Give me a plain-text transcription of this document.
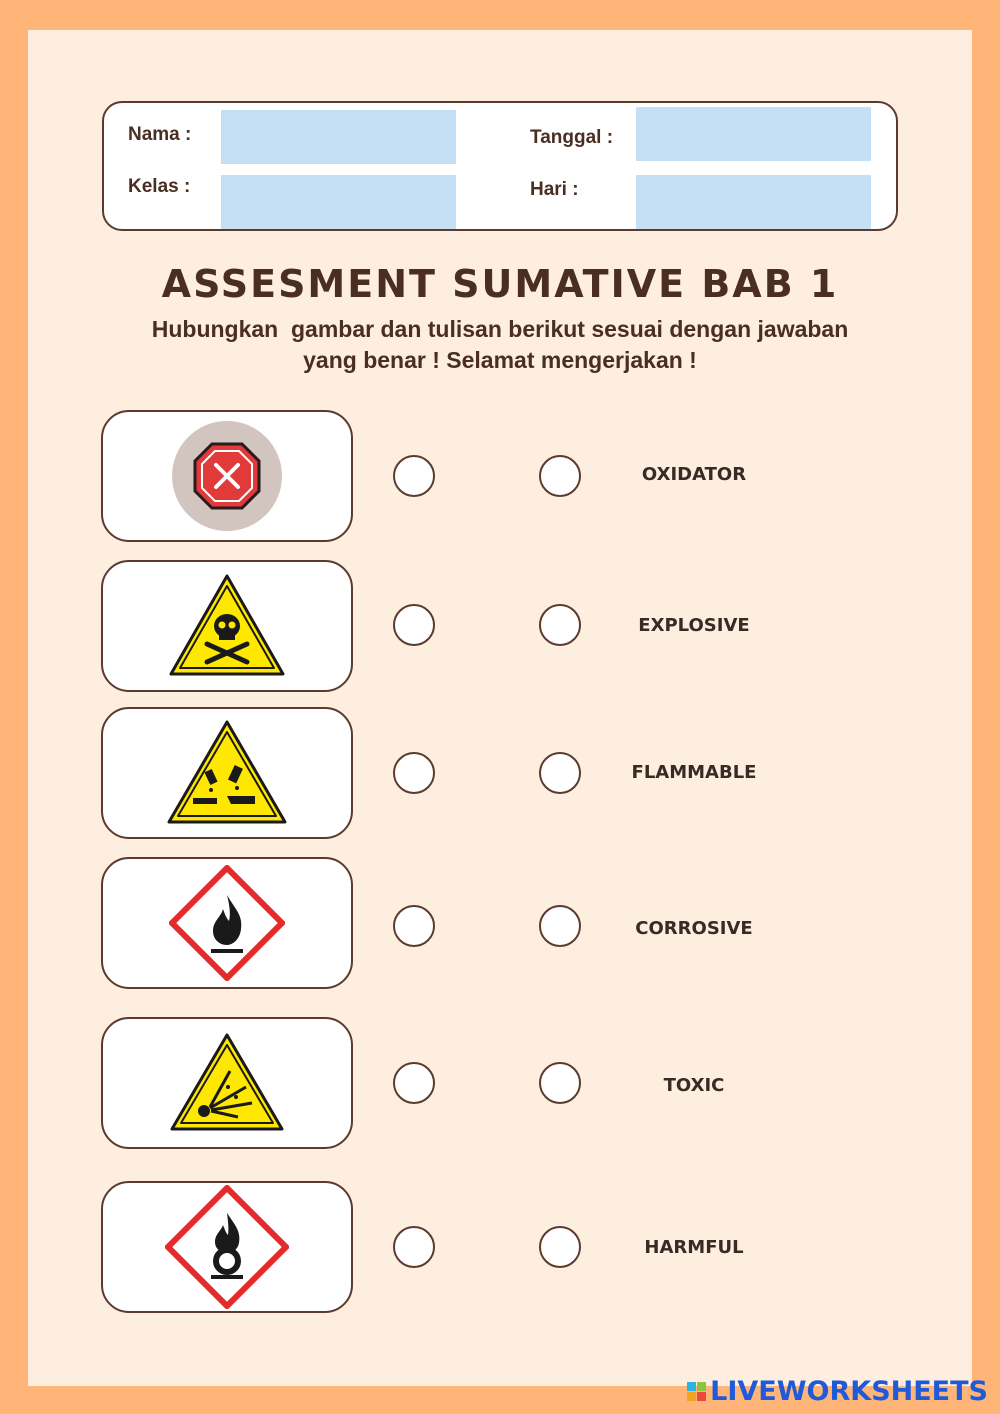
Nama :
Kelas :
Tanggal :
Hari :
ASSESMENT SUMATIVE BAB 1
Hubungkan  gambar dan tulisan berikut sesuai dengan jawaban
yang benar ! Selamat mengerjakan !
OXIDATOR
EXPLOSIVE
FLAMMABLE
CORROSIVE
TOXIC
HARMFUL
LIVEWORKSHEETS
